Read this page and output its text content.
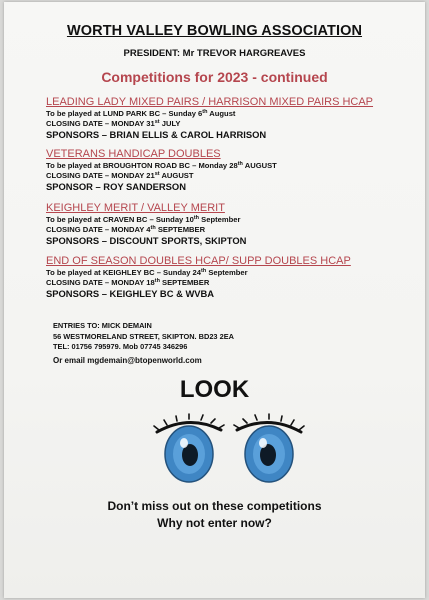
WORTH VALLEY BOWLING ASSOCIATION
PRESIDENT: Mr TREVOR HARGREAVES
Competitions for 2023 - continued
LEADING LADY MIXED PAIRS / HARRISON MIXED PAIRS HCAP
To be played at LUND PARK BC – Sunday 6th August
CLOSING DATE – MONDAY 31st JULY
SPONSORS – BRIAN ELLIS & CAROL HARRISON
VETERANS HANDICAP DOUBLES
To be played at BROUGHTON ROAD BC – Monday 28th AUGUST
CLOSING DATE – MONDAY 21st AUGUST
SPONSOR – ROY SANDERSON
KEIGHLEY MERIT / VALLEY MERIT
To be played at CRAVEN BC – Sunday 10th September
CLOSING DATE – MONDAY 4th SEPTEMBER
SPONSORS – DISCOUNT SPORTS, SKIPTON
END OF SEASON DOUBLES HCAP/ SUPP DOUBLES HCAP
To be played at KEIGHLEY BC – Sunday 24th September
CLOSING DATE – MONDAY 18th SEPTEMBER
SPONSORS – KEIGHLEY BC & WVBA
ENTRIES TO: MICK DEMAIN
56 WESTMORELAND STREET, SKIPTON. BD23 2EA
TEL: 01756 795979. Mob 07745 346296
Or email mgdemain@btopenworld.com
LOOK
Don’t miss out on these competitions
Why not enter now?
